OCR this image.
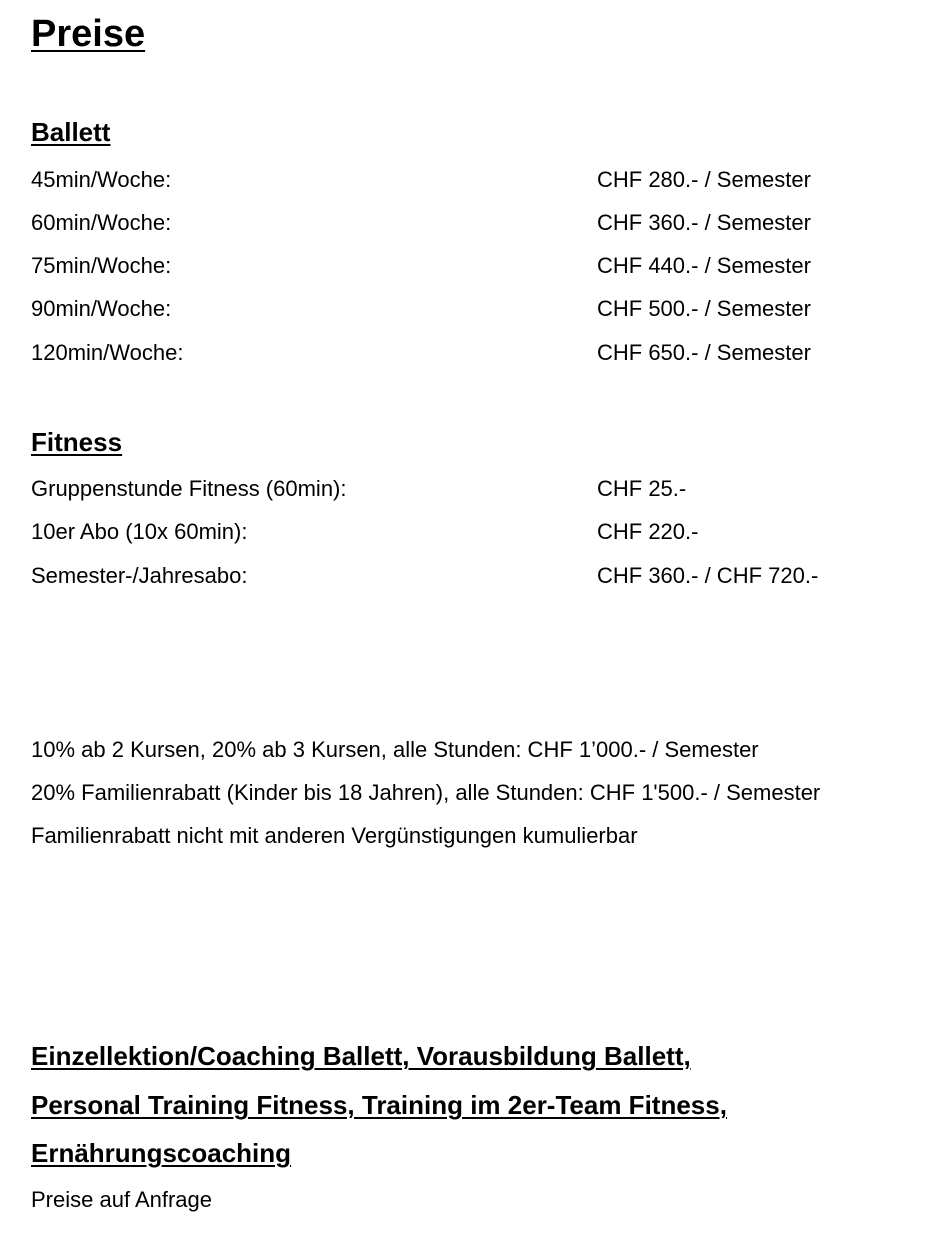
Preise
Ballett
45min/Woche:	CHF 280.- / Semester
60min/Woche:	CHF 360.- / Semester
75min/Woche:	CHF 440.- / Semester
90min/Woche:	CHF 500.- / Semester
120min/Woche:	CHF 650.- / Semester
Fitness
Gruppenstunde Fitness (60min):	CHF 25.-
10er Abo (10x 60min):	CHF 220.-
Semester-/Jahresabo:	CHF 360.- / CHF 720.-
10% ab 2 Kursen, 20% ab 3 Kursen, alle Stunden: CHF 1’000.- / Semester
20% Familienrabatt (Kinder bis 18 Jahren), alle Stunden: CHF 1'500.- / Semester
Familienrabatt nicht mit anderen Vergünstigungen kumulierbar
Einzellektion/Coaching Ballett, Vorausbildung Ballett,
Personal Training Fitness, Training im 2er-Team Fitness,
Ernährungscoaching
Preise auf Anfrage
